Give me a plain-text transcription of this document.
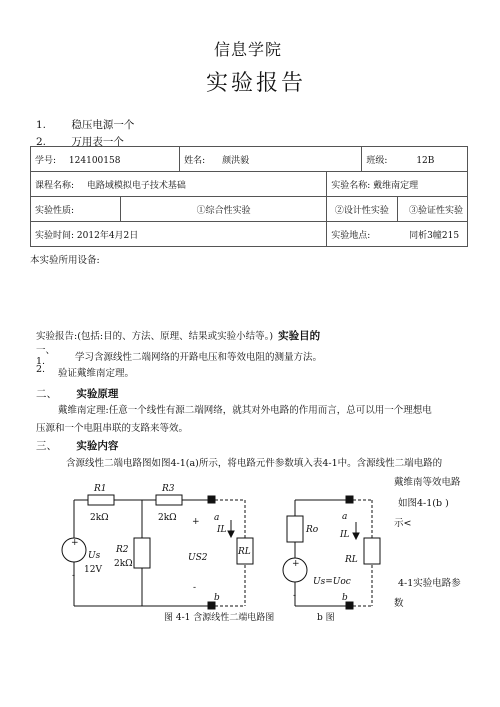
信息学院
实验报告
1. 稳压电源一个
2. 万用表一个
学号: 124100158		姓名: 颜洪毅		班级: 12B	
课程名称: 电路域模拟电子技术基础			实验名称: 戴维南定理		
实验性质:	①综合性实验		②设计性实验		③验证性实验
实验时间: 2012年4月2日			实验地点: 同析3幢215		
本实验所用设备:
实验报告:(包括:目的、方法、原理、结果或实验小结等。) 实验目的
一、
1.	学习含源线性二端网络的开路电压和等效电阻的测量方法。
2. 验证戴维南定理。
二、 实验原理
戴维南定理:任意一个线性有源二端网络，就其对外电路的作用而言，总可以用一个理想电
压源和一个电阻串联的支路来等效。
三、 实验内容
含源线性二端电路图如图4-1(a)所示，将电路元件参数填入表4-1中。含源线性二端电路的
戴维南等效电路
如图4-1(b )
示<
4-1实验电路参
数
R1
2kΩ
R3
2kΩ
R2
2kΩ
+
-
Us
12V
US2
+
-
a
b
IL
RL
图 4-1 含源线性二端电路图
Ro
a
b
IL
RL
+
-
Us=Uoc
b 图
